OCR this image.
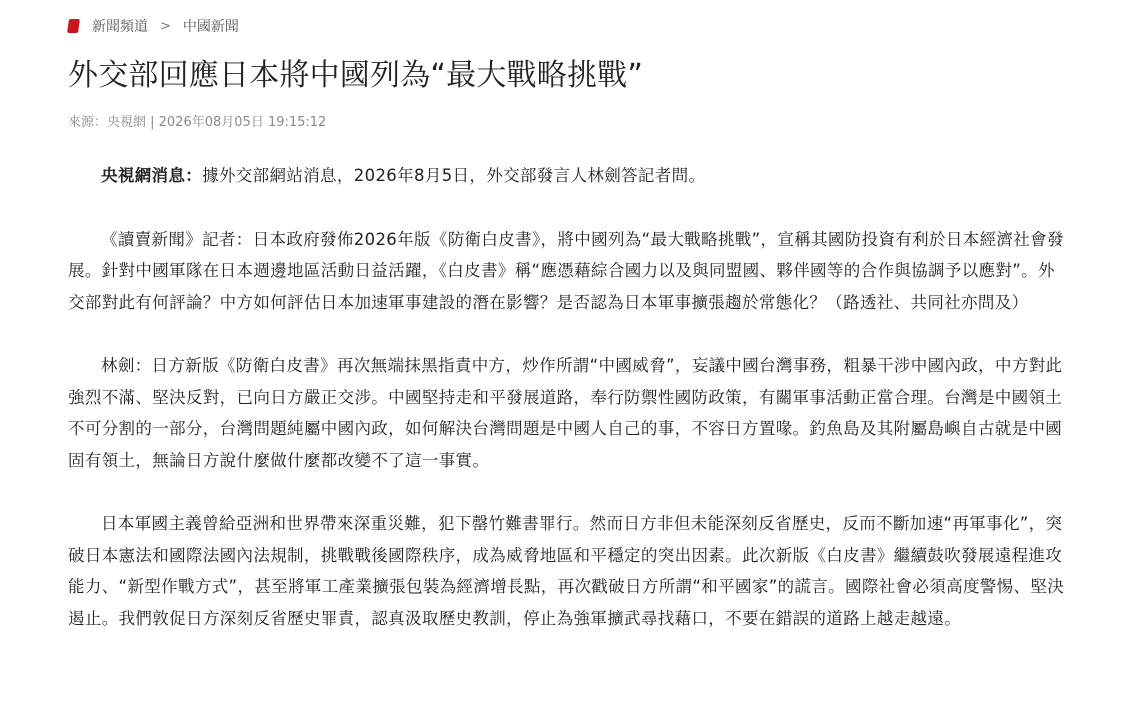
新聞頻道 > 中國新聞
外交部回應日本將中國列為“最大戰略挑戰”
來源：央視網 | 2026年08月05日 19:15:12

央視網消息：據外交部網站消息，2026年8月5日，外交部發言人林劍答記者問。

《讀賣新聞》記者：日本政府發佈2026年版《防衛白皮書》，將中國列為“最大戰略挑戰”，宣稱其國防投資有利於日本經濟社會發展。針對中國軍隊在日本週邊地區活動日益活躍，《白皮書》稱“應憑藉綜合國力以及與同盟國、夥伴國等的合作與協調予以應對”。外交部對此有何評論？中方如何評估日本加速軍事建設的潛在影響？是否認為日本軍事擴張趨於常態化？（路透社、共同社亦問及）

林劍：日方新版《防衛白皮書》再次無端抹黑指責中方，炒作所謂“中國威脅”，妄議中國台灣事務，粗暴干涉中國內政，中方對此強烈不滿、堅決反對，已向日方嚴正交涉。中國堅持走和平發展道路，奉行防禦性國防政策，有關軍事活動正當合理。台灣是中國領土不可分割的一部分，台灣問題純屬中國內政，如何解決台灣問題是中國人自己的事，不容日方置喙。釣魚島及其附屬島嶼自古就是中國固有領土，無論日方說什麼做什麼都改變不了這一事實。

日本軍國主義曾給亞洲和世界帶來深重災難，犯下罄竹難書罪行。然而日方非但未能深刻反省歷史，反而不斷加速“再軍事化”，突破日本憲法和國際法國內法規制，挑戰戰後國際秩序，成為威脅地區和平穩定的突出因素。此次新版《白皮書》繼續鼓吹發展遠程進攻能力、“新型作戰方式”，甚至將軍工產業擴張包裝為經濟增長點，再次戳破日方所謂“和平國家”的謊言。國際社會必須高度警惕、堅決遏止。我們敦促日方深刻反省歷史罪責，認真汲取歷史教訓，停止為強軍擴武尋找藉口，不要在錯誤的道路上越走越遠。
